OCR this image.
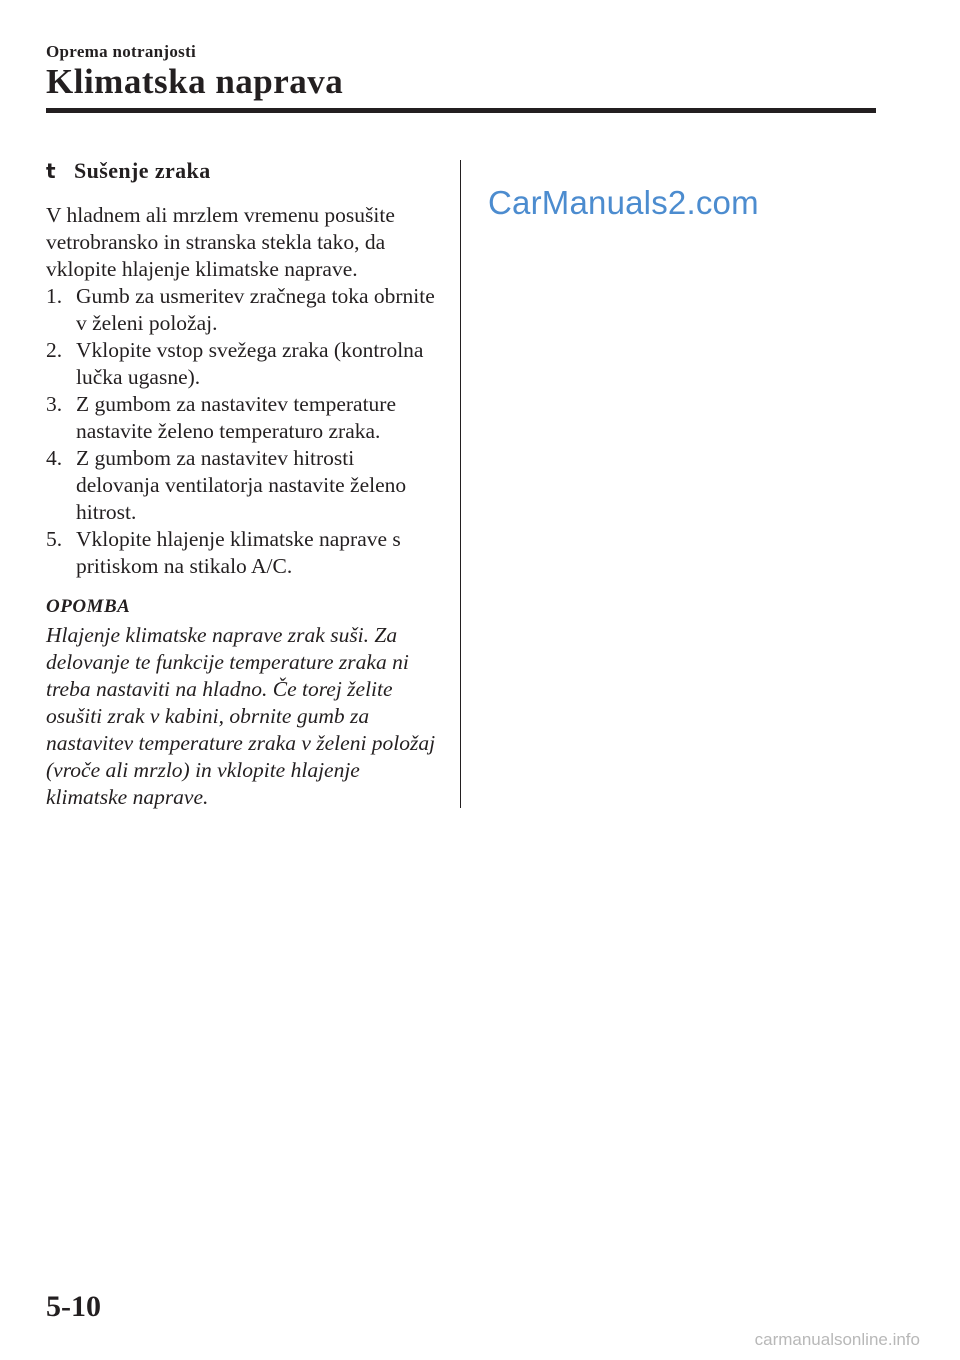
Oprema notranjosti
Klimatska naprava
t Sušenje zraka
V hladnem ali mrzlem vremenu posušite vetrobransko in stranska stekla tako, da vklopite hlajenje klimatske naprave.
1. Gumb za usmeritev zračnega toka obrnite v želeni položaj.
2. Vklopite vstop svežega zraka (kontrolna lučka ugasne).
3. Z gumbom za nastavitev temperature nastavite želeno temperaturo zraka.
4. Z gumbom za nastavitev hitrosti delovanja ventilatorja nastavite želeno hitrost.
5. Vklopite hlajenje klimatske naprave s pritiskom na stikalo A/C.
OPOMBA
Hlajenje klimatske naprave zrak suši. Za delovanje te funkcije temperature zraka ni treba nastaviti na hladno. Če torej želite osušiti zrak v kabini, obrnite gumb za nastavitev temperature zraka v želeni položaj (vroče ali mrzlo) in vklopite hlajenje klimatske naprave.
CarManuals2.com
5-10
carmanualsonline.info
